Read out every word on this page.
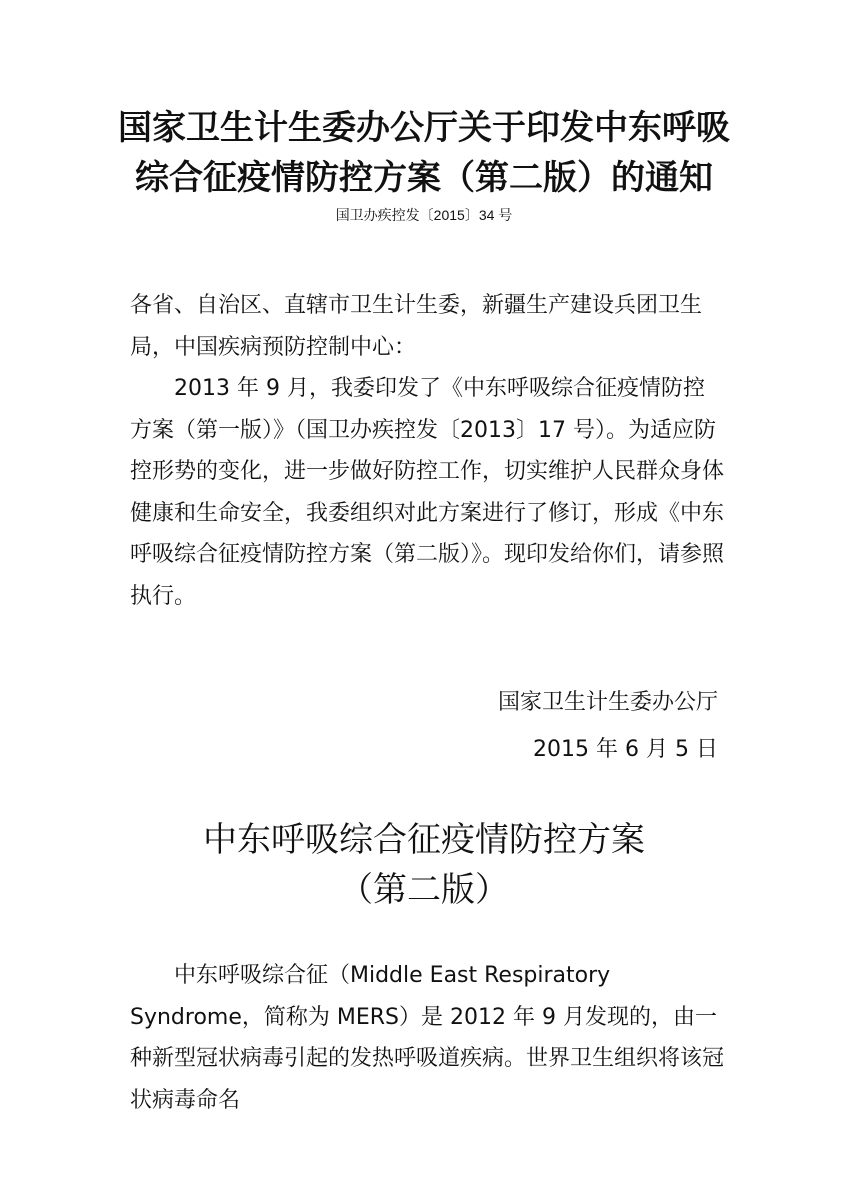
国家卫生计生委办公厅关于印发中东呼吸
综合征疫情防控方案（第二版）的通知
国卫办疾控发〔2015〕34 号

各省、自治区、直辖市卫生计生委，新疆生产建设兵团卫生局，中国疾病预防控制中心：

2013 年 9 月，我委印发了《中东呼吸综合征疫情防控方案（第一版）》（国卫办疾控发〔2013〕17 号）。为适应防控形势的变化，进一步做好防控工作，切实维护人民群众身体健康和生命安全，我委组织对此方案进行了修订，形成《中东呼吸综合征疫情防控方案（第二版）》。现印发给你们，请参照执行。

国家卫生计生委办公厅
2015 年 6 月 5 日
中东呼吸综合征疫情防控方案
（第二版）

中东呼吸综合征（Middle East Respiratory Syndrome，简称为 MERS）是 2012 年 9 月发现的，由一种新型冠状病毒引起的发热呼吸道疾病。世界卫生组织将该冠状病毒命名
